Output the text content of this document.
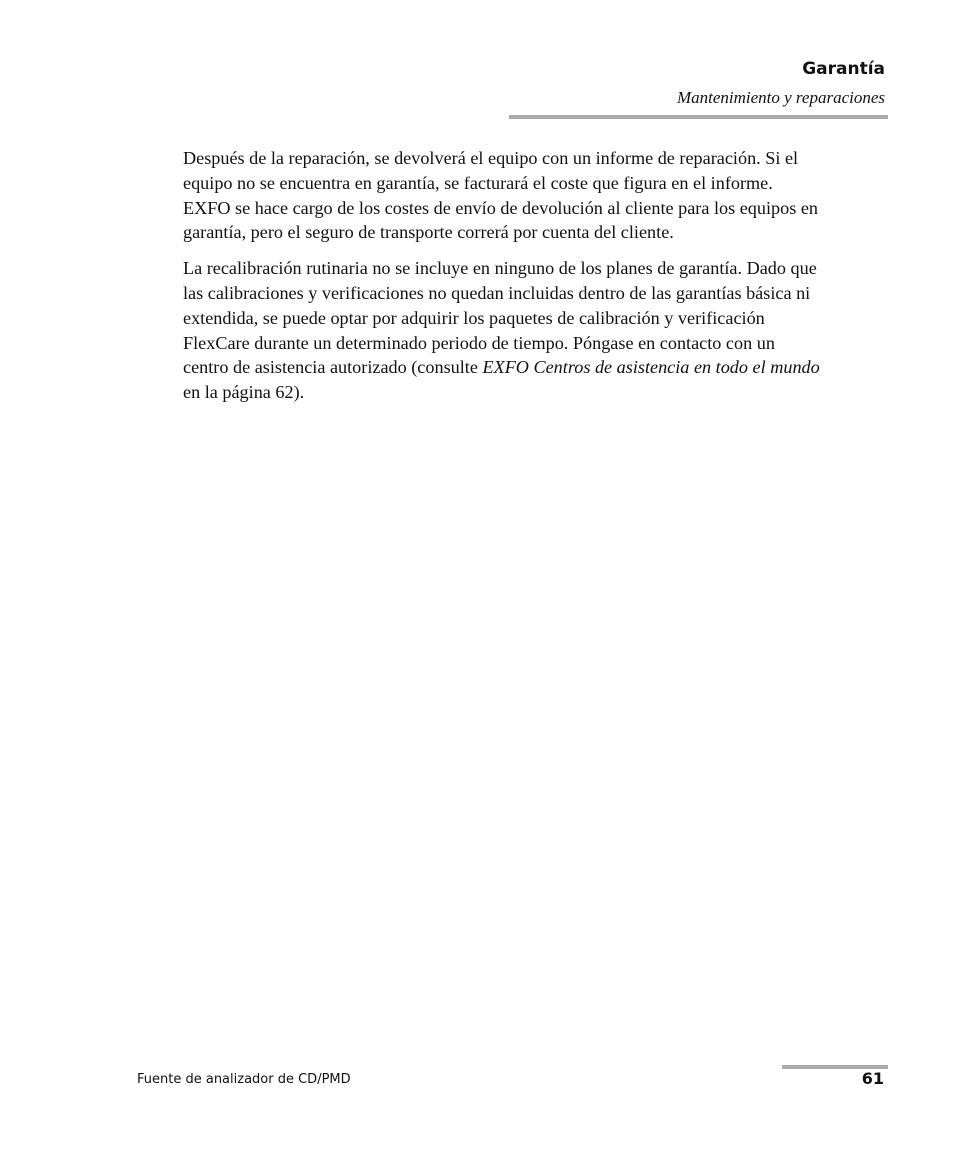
Garantía
Mantenimiento y reparaciones

Después de la reparación, se devolverá el equipo con un informe de reparación. Si el equipo no se encuentra en garantía, se facturará el coste que figura en el informe. EXFO se hace cargo de los costes de envío de devolución al cliente para los equipos en garantía, pero el seguro de transporte correrá por cuenta del cliente.

La recalibración rutinaria no se incluye en ninguno de los planes de garantía. Dado que las calibraciones y verificaciones no quedan incluidas dentro de las garantías básica ni extendida, se puede optar por adquirir los paquetes de calibración y verificación FlexCare durante un determinado periodo de tiempo. Póngase en contacto con un centro de asistencia autorizado (consulte EXFO Centros de asistencia en todo el mundo en la página 62).

Fuente de analizador de CD/PMD	61
